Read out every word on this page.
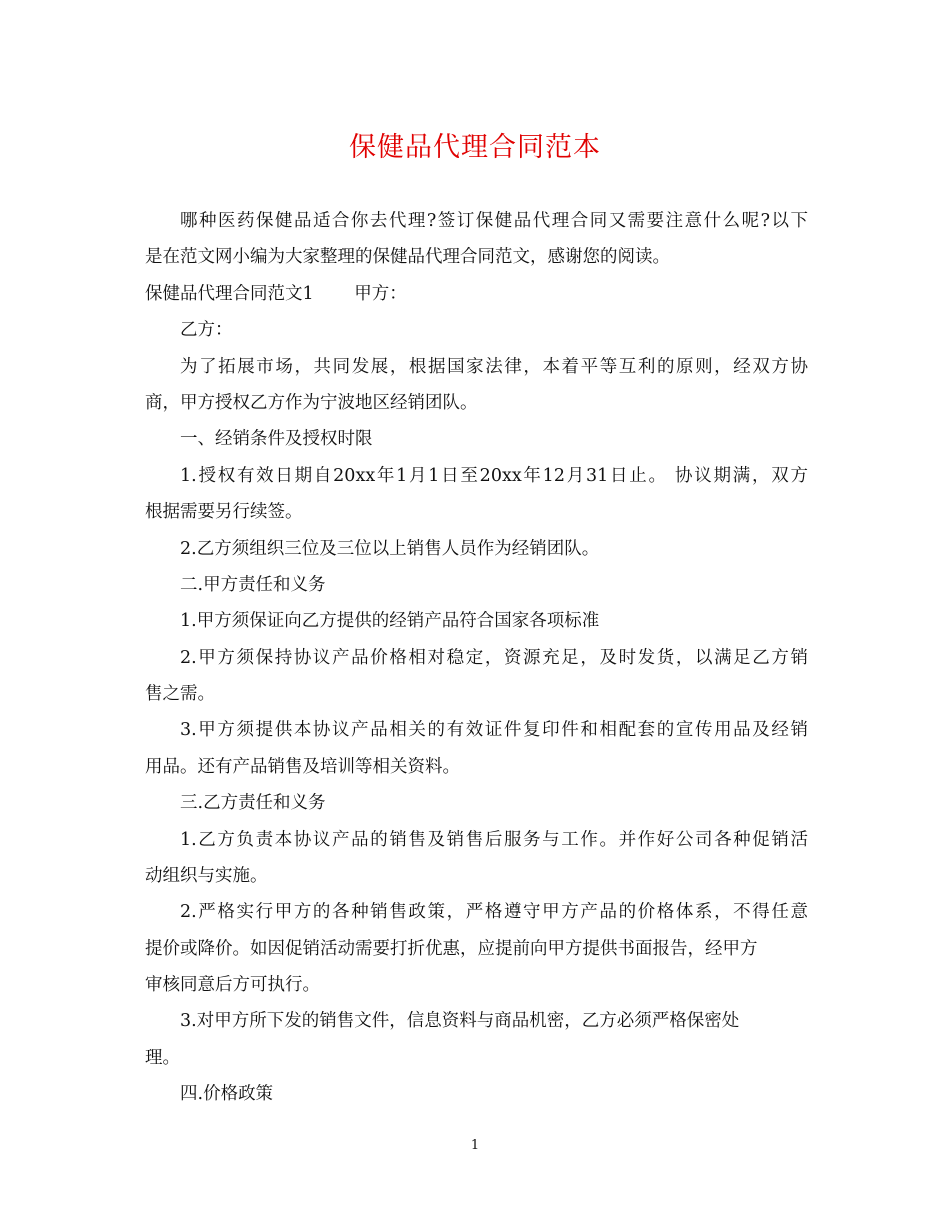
保健品代理合同范本
哪种医药保健品适合你去代理?签订保健品代理合同又需要注意什么呢?以下
是在范文网小编为大家整理的保健品代理合同范文，感谢您的阅读。
保健品代理合同范文1　　 甲方：
乙方：
为了拓展市场，共同发展，根据国家法律，本着平等互利的原则，经双方协
商，甲方授权乙方作为宁波地区经销团队。
一、经销条件及授权时限
1.授权有效日期自20xx年1月1日至20xx年12月31日止。 协议期满，双方
根据需要另行续签。
2.乙方须组织三位及三位以上销售人员作为经销团队。
二.甲方责任和义务
1.甲方须保证向乙方提供的经销产品符合国家各项标准
2.甲方须保持协议产品价格相对稳定，资源充足，及时发货，以满足乙方销
售之需。
3.甲方须提供本协议产品相关的有效证件复印件和相配套的宣传用品及经销
用品。还有产品销售及培训等相关资料。
三.乙方责任和义务
1.乙方负责本协议产品的销售及销售后服务与工作。并作好公司各种促销活
动组织与实施。
2.严格实行甲方的各种销售政策，严格遵守甲方产品的价格体系，不得任意
提价或降价。如因促销活动需要打折优惠，应提前向甲方提供书面报告，经甲方
审核同意后方可执行。
3.对甲方所下发的销售文件，信息资料与商品机密，乙方必须严格保密处
理。
四.价格政策
1
